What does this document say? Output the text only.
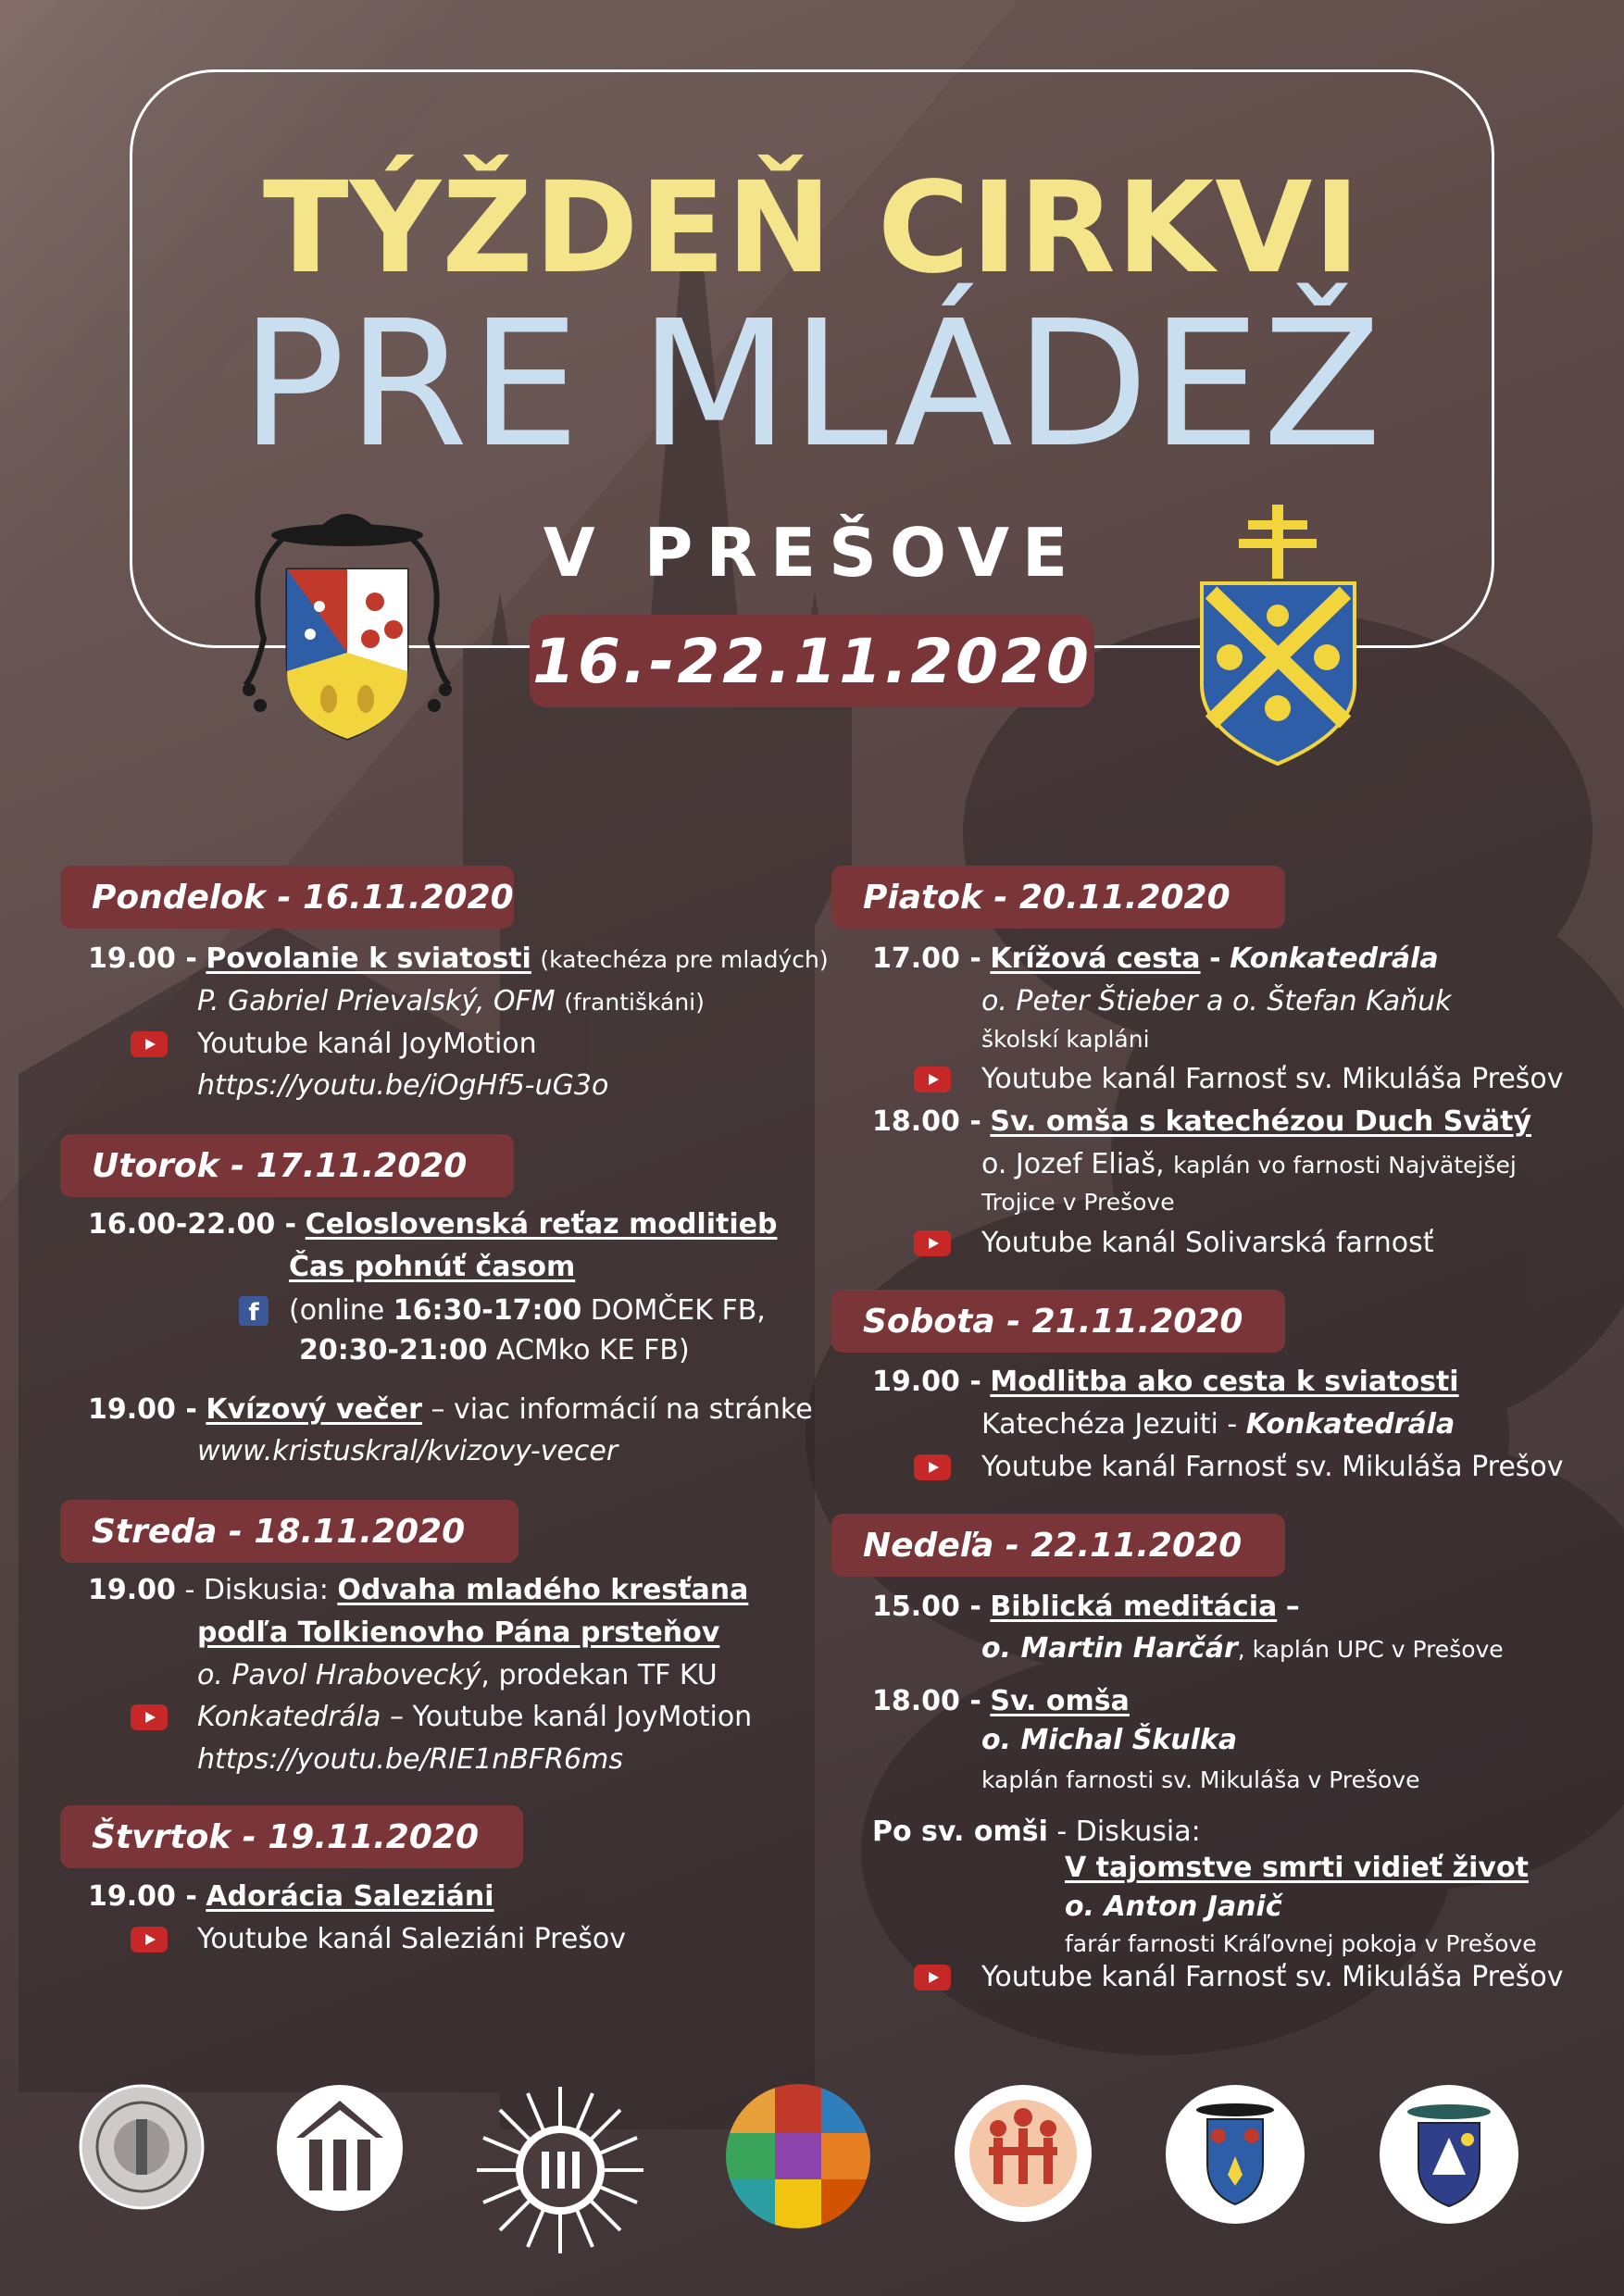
TÝŽDEŇ CIRKVI
PRE MLÁDEŽ
V PREŠOVE
16.-22.11.2020
Pondelok - 16.11.2020
19.00 - Povolanie k sviatosti (katechéza pre mladých)
P. Gabriel Prievalský, OFM (františkáni)
Youtube kanál JoyMotion
https://youtu.be/iOgHf5-uG3o
Utorok - 17.11.2020
16.00-22.00 - Celoslovenská reťaz modlitieb
Čas pohnúť časom
f	(online 16:30-17:00 DOMČEK FB,
20:30-21:00 ACMko KE FB)
19.00 - Kvízový večer – viac informácií na stránke
www.kristuskral/kvizovy-vecer
Streda - 18.11.2020
19.00 - Diskusia: Odvaha mladého kresťana
podľa Tolkienovho Pána prsteňov
o. Pavol Hrabovecký, prodekan TF KU
Konkatedrála – Youtube kanál JoyMotion
https://youtu.be/RIE1nBFR6ms
Štvrtok - 19.11.2020
19.00 - Adorácia Saleziáni
Youtube kanál Saleziáni Prešov
Piatok - 20.11.2020
17.00 - Krížová cesta - Konkatedrála
o. Peter Štieber a o. Štefan Kaňuk
školskí kapláni
Youtube kanál Farnosť sv. Mikuláša Prešov
18.00 - Sv. omša s katechézou Duch Svätý
o. Jozef Eliaš, kaplán vo farnosti Najvätejšej
Trojice v Prešove
Youtube kanál Solivarská farnosť
Sobota - 21.11.2020
19.00 - Modlitba ako cesta k sviatosti
Katechéza Jezuiti - Konkatedrála
Youtube kanál Farnosť sv. Mikuláša Prešov
Nedeľa - 22.11.2020
15.00 - Biblická meditácia –
o. Martin Harčár, kaplán UPC v Prešove
18.00 - Sv. omša
o. Michal Škulka
kaplán farnosti sv. Mikuláša v Prešove
Po sv. omši - Diskusia:
V tajomstve smrti vidieť život
o. Anton Janič
farár farnosti Kráľovnej pokoja v Prešove
Youtube kanál Farnosť sv. Mikuláša Prešov
